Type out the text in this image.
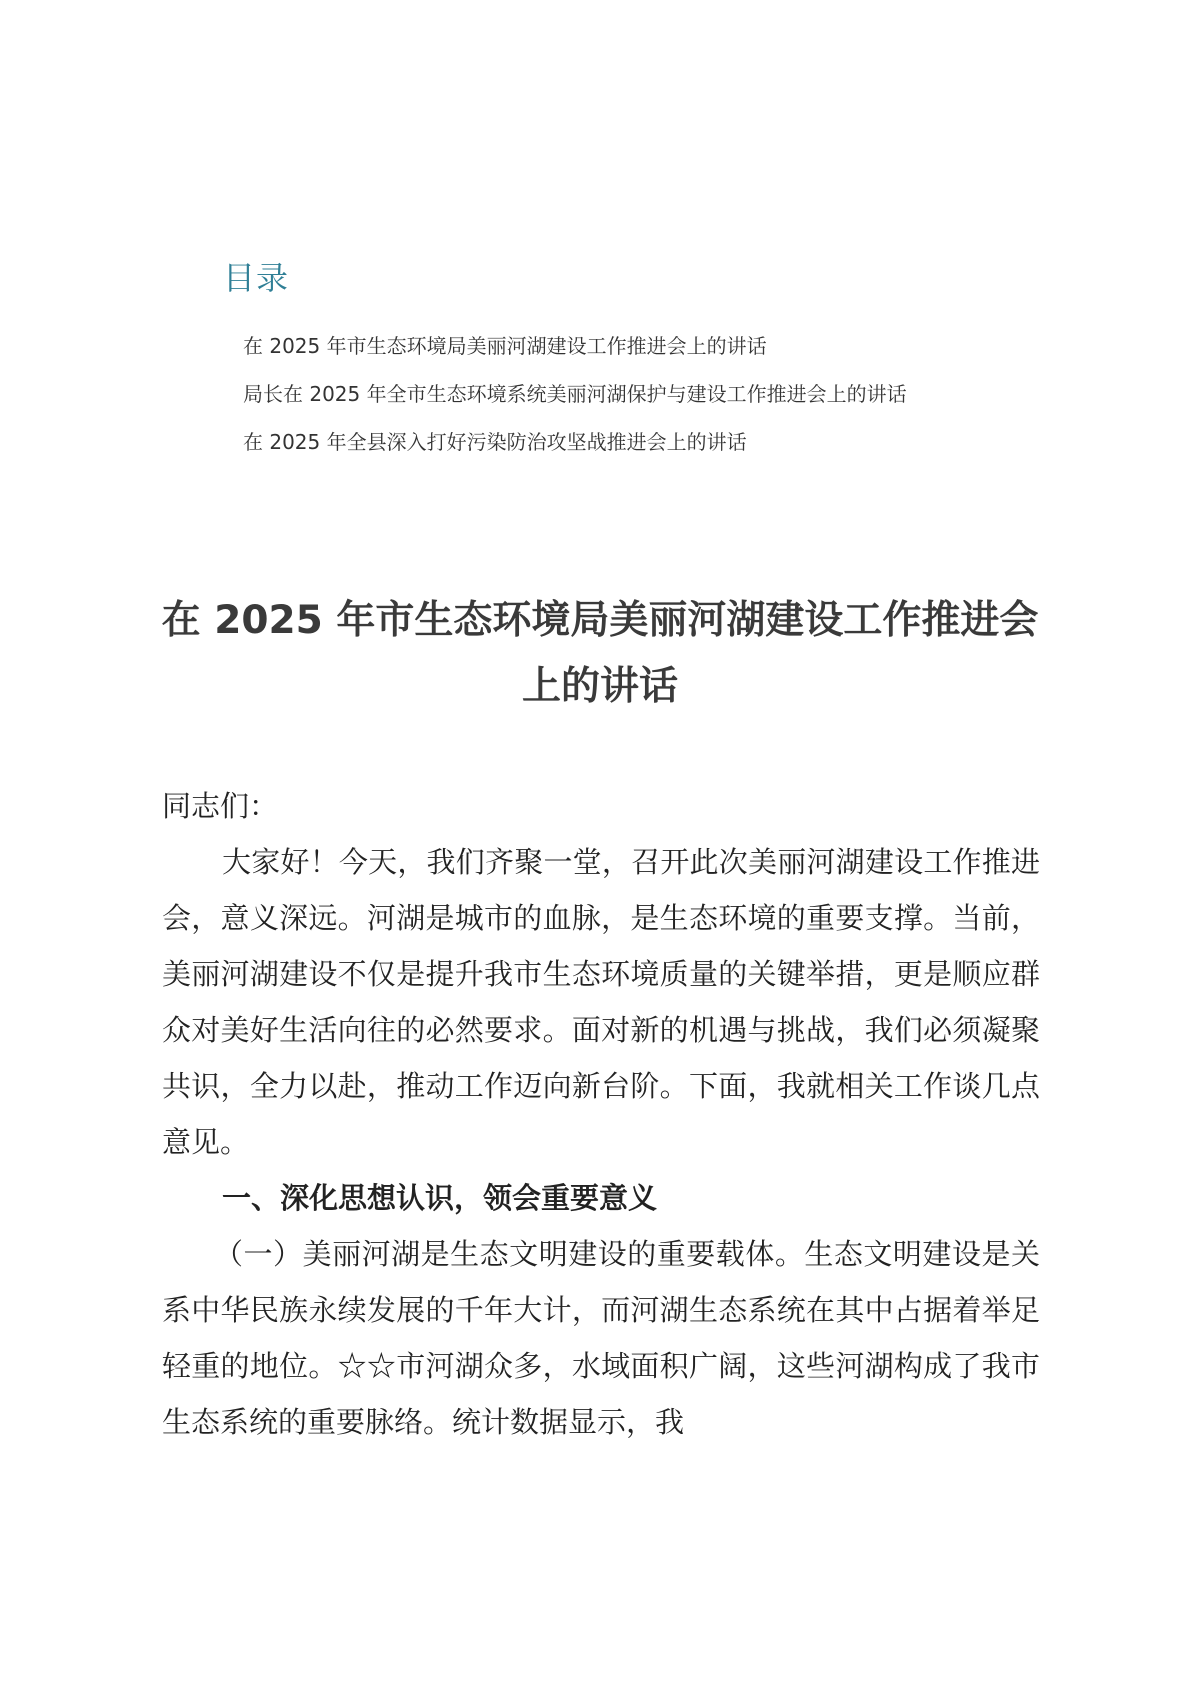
目录
在 2025 年市生态环境局美丽河湖建设工作推进会上的讲话
局长在 2025 年全市生态环境系统美丽河湖保护与建设工作推进会上的讲话
在 2025 年全县深入打好污染防治攻坚战推进会上的讲话
在 2025 年市生态环境局美丽河湖建设工作推进会上的讲话

同志们：

大家好！今天，我们齐聚一堂，召开此次美丽河湖建设工作推进会，意义深远。河湖是城市的血脉，是生态环境的重要支撑。当前，美丽河湖建设不仅是提升我市生态环境质量的关键举措，更是顺应群众对美好生活向往的必然要求。面对新的机遇与挑战，我们必须凝聚共识，全力以赴，推动工作迈向新台阶。下面，我就相关工作谈几点意见。

一、深化思想认识，领会重要意义

（一）美丽河湖是生态文明建设的重要载体。生态文明建设是关系中华民族永续发展的千年大计，而河湖生态系统在其中占据着举足轻重的地位。☆☆市河湖众多，水域面积广阔，这些河湖构成了我市生态系统的重要脉络。统计数据显示，我
